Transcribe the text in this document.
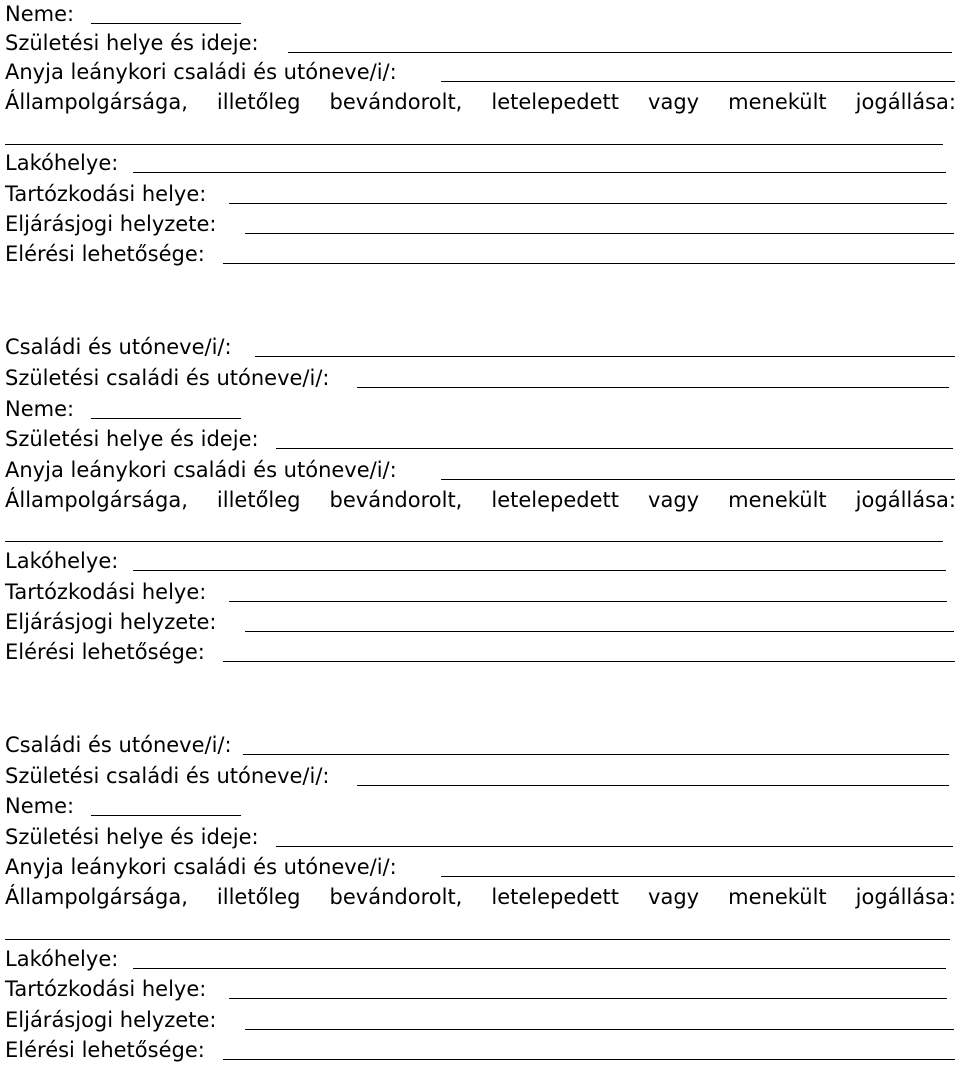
Neme:
Születési helye és ideje:
Anyja leánykori családi és utóneve/i/:
Állampolgársága, illetőleg bevándorolt, letelepedett vagy menekült jogállása:
Lakóhelye:
Tartózkodási helye:
Eljárásjogi helyzete:
Elérési lehetősége:
Családi és utóneve/i/:
Születési családi és utóneve/i/:
Neme:
Születési helye és ideje:
Anyja leánykori családi és utóneve/i/:
Állampolgársága, illetőleg bevándorolt, letelepedett vagy menekült jogállása:
Lakóhelye:
Tartózkodási helye:
Eljárásjogi helyzete:
Elérési lehetősége:
Családi és utóneve/i/:
Születési családi és utóneve/i/:
Neme:
Születési helye és ideje:
Anyja leánykori családi és utóneve/i/:
Állampolgársága, illetőleg bevándorolt, letelepedett vagy menekült jogállása:
Lakóhelye:
Tartózkodási helye:
Eljárásjogi helyzete:
Elérési lehetősége:
